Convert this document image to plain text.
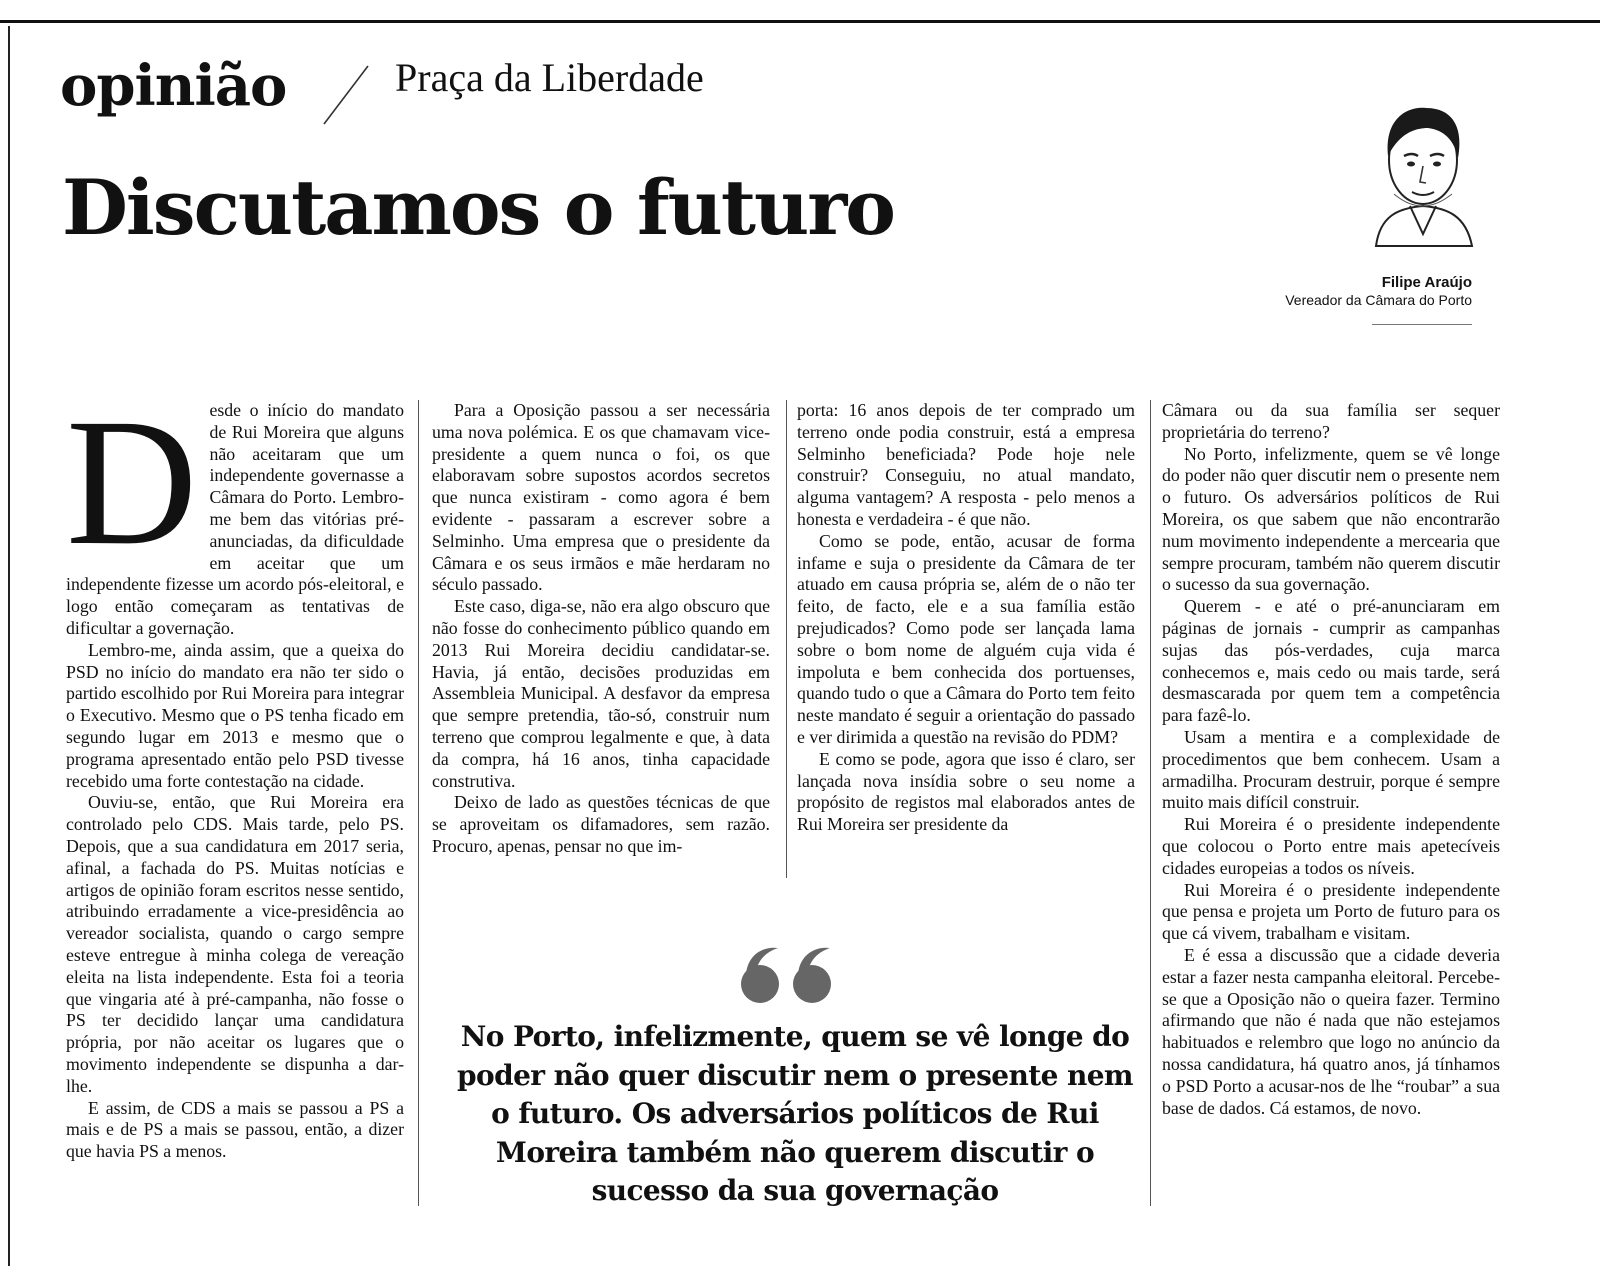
opinião	Praça da Liberdade
Discutamos o futuro
Filipe Araújo
Vereador da Câmara do Porto

Desde o início do mandato de Rui Moreira que alguns não aceitaram que um independente governasse a Câmara do Porto. Lembro-me bem das vitórias pré-anunciadas, da dificuldade em aceitar que um independente fizesse um acordo pós-eleitoral, e logo então começaram as tentativas de dificultar a governação.

Lembro-me, ainda assim, que a queixa do PSD no início do mandato era não ter sido o partido escolhido por Rui Moreira para integrar o Executivo. Mesmo que o PS tenha ficado em segundo lugar em 2013 e mesmo que o programa apresentado então pelo PSD tivesse recebido uma forte contestação na cidade.

Ouviu-se, então, que Rui Moreira era controlado pelo CDS. Mais tarde, pelo PS. Depois, que a sua candidatura em 2017 seria, afinal, a fachada do PS. Muitas notícias e artigos de opinião foram escritos nesse sentido, atribuindo erradamente a vice-presidência ao vereador socialista, quando o cargo sempre esteve entregue à minha colega de vereação eleita na lista independente. Esta foi a teoria que vingaria até à pré-campanha, não fosse o PS ter decidido lançar uma candidatura própria, por não aceitar os lugares que o movimento independente se dispunha a dar-lhe.

E assim, de CDS a mais se passou a PS a mais e de PS a mais se passou, então, a dizer que havia PS a menos.

Para a Oposição passou a ser necessária uma nova polémica. E os que chamavam vice-presidente a quem nunca o foi, os que elaboravam sobre supostos acordos secretos que nunca existiram - como agora é bem evidente - passaram a escrever sobre a Selminho. Uma empresa que o presidente da Câmara e os seus irmãos e mãe herdaram no século passado.

Este caso, diga-se, não era algo obscuro que não fosse do conhecimento público quando em 2013 Rui Moreira decidiu candidatar-se. Havia, já então, decisões produzidas em Assembleia Municipal. A desfavor da empresa que sempre pretendia, tão-só, construir num terreno que comprou legalmente e que, à data da compra, há 16 anos, tinha capacidade construtiva.

Deixo de lado as questões técnicas de que se aproveitam os difamadores, sem razão. Procuro, apenas, pensar no que im-

porta: 16 anos depois de ter comprado um terreno onde podia construir, está a empresa Selminho beneficiada? Pode hoje nele construir? Conseguiu, no atual mandato, alguma vantagem? A resposta - pelo menos a honesta e verdadeira - é que não.

Como se pode, então, acusar de forma infame e suja o presidente da Câmara de ter atuado em causa própria se, além de o não ter feito, de facto, ele e a sua família estão prejudicados? Como pode ser lançada lama sobre o bom nome de alguém cuja vida é impoluta e bem conhecida dos portuenses, quando tudo o que a Câmara do Porto tem feito neste mandato é seguir a orientação do passado e ver dirimida a questão na revisão do PDM?

E como se pode, agora que isso é claro, ser lançada nova insídia sobre o seu nome a propósito de registos mal elaborados antes de Rui Moreira ser presidente da

Câmara ou da sua família ser sequer proprietária do terreno?

No Porto, infelizmente, quem se vê longe do poder não quer discutir nem o presente nem o futuro. Os adversários políticos de Rui Moreira, os que sabem que não encontrarão num movimento independente a mercearia que sempre procuram, também não querem discutir o sucesso da sua governação.

Querem - e até o pré-anunciaram em páginas de jornais - cumprir as campanhas sujas das pós-verdades, cuja marca conhecemos e, mais cedo ou mais tarde, será desmascarada por quem tem a competência para fazê-lo.

Usam a mentira e a complexidade de procedimentos que bem conhecem. Usam a armadilha. Procuram destruir, porque é sempre muito mais difícil construir.

Rui Moreira é o presidente independente que colocou o Porto entre mais apetecíveis cidades europeias a todos os níveis.

Rui Moreira é o presidente independente que pensa e projeta um Porto de futuro para os que cá vivem, trabalham e visitam.

E é essa a discussão que a cidade deveria estar a fazer nesta campanha eleitoral. Percebe-se que a Oposição não o queira fazer. Termino afirmando que não é nada que não estejamos habituados e relembro que logo no anúncio da nossa candidatura, há quatro anos, já tínhamos o PSD Porto a acusar-nos de lhe “roubar” a sua base de dados. Cá estamos, de novo.

No Porto, infelizmente, quem se vê longe do poder não quer discutir nem o presente nem o futuro. Os adversários políticos de Rui Moreira também não querem discutir o sucesso da sua governação
